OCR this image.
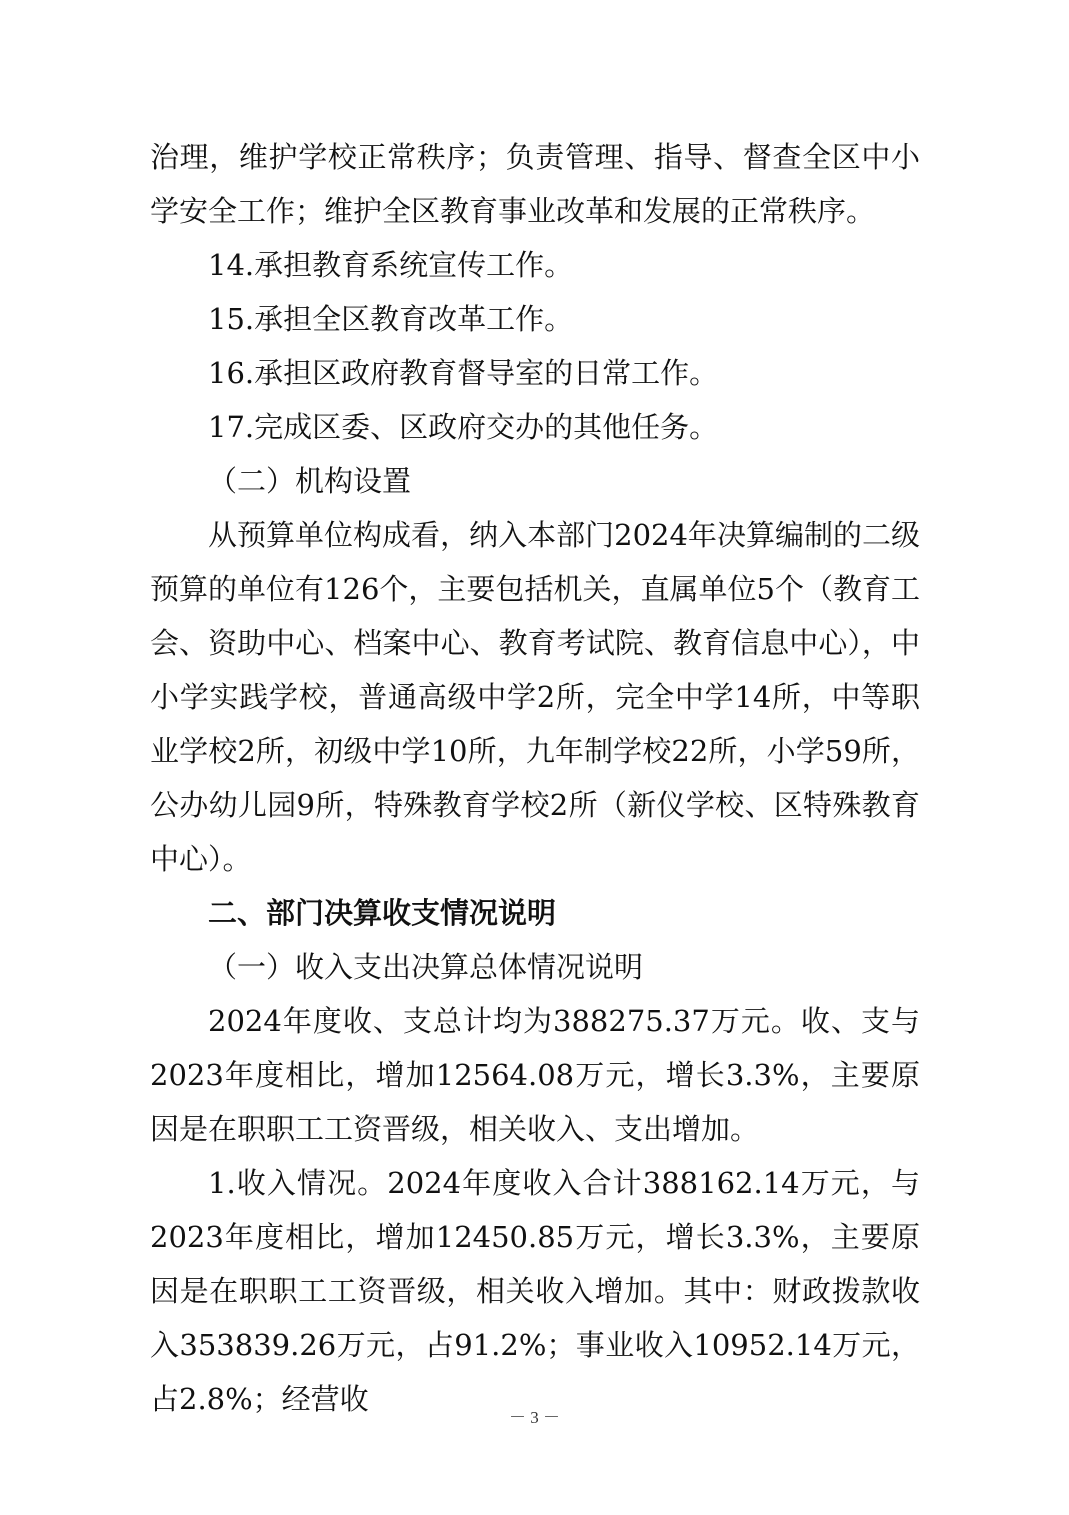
治理，维护学校正常秩序；负责管理、指导、督查全区中小学安全工作；维护全区教育事业改革和发展的正常秩序。

14.承担教育系统宣传工作。

15.承担全区教育改革工作。

16.承担区政府教育督导室的日常工作。

17.完成区委、区政府交办的其他任务。

（二）机构设置

从预算单位构成看，纳入本部门2024年决算编制的二级预算的单位有126个，主要包括机关，直属单位5个（教育工会、资助中心、档案中心、教育考试院、教育信息中心），中小学实践学校，普通高级中学2所，完全中学14所，中等职业学校2所，初级中学10所，九年制学校22所，小学59所，公办幼儿园9所，特殊教育学校2所（新仪学校、区特殊教育中心）。

二、部门决算收支情况说明

（一）收入支出决算总体情况说明

2024年度收、支总计均为388275.37万元。收、支与2023年度相比，增加12564.08万元，增长3.3%，主要原因是在职职工工资晋级，相关收入、支出增加。

1.收入情况。2024年度收入合计388162.14万元，与2023年度相比，增加12450.85万元，增长3.3%，主要原因是在职职工工资晋级，相关收入增加。其中：财政拨款收入353839.26万元，占91.2%；事业收入10952.14万元，占2.8%；经营收

－ 3 －
